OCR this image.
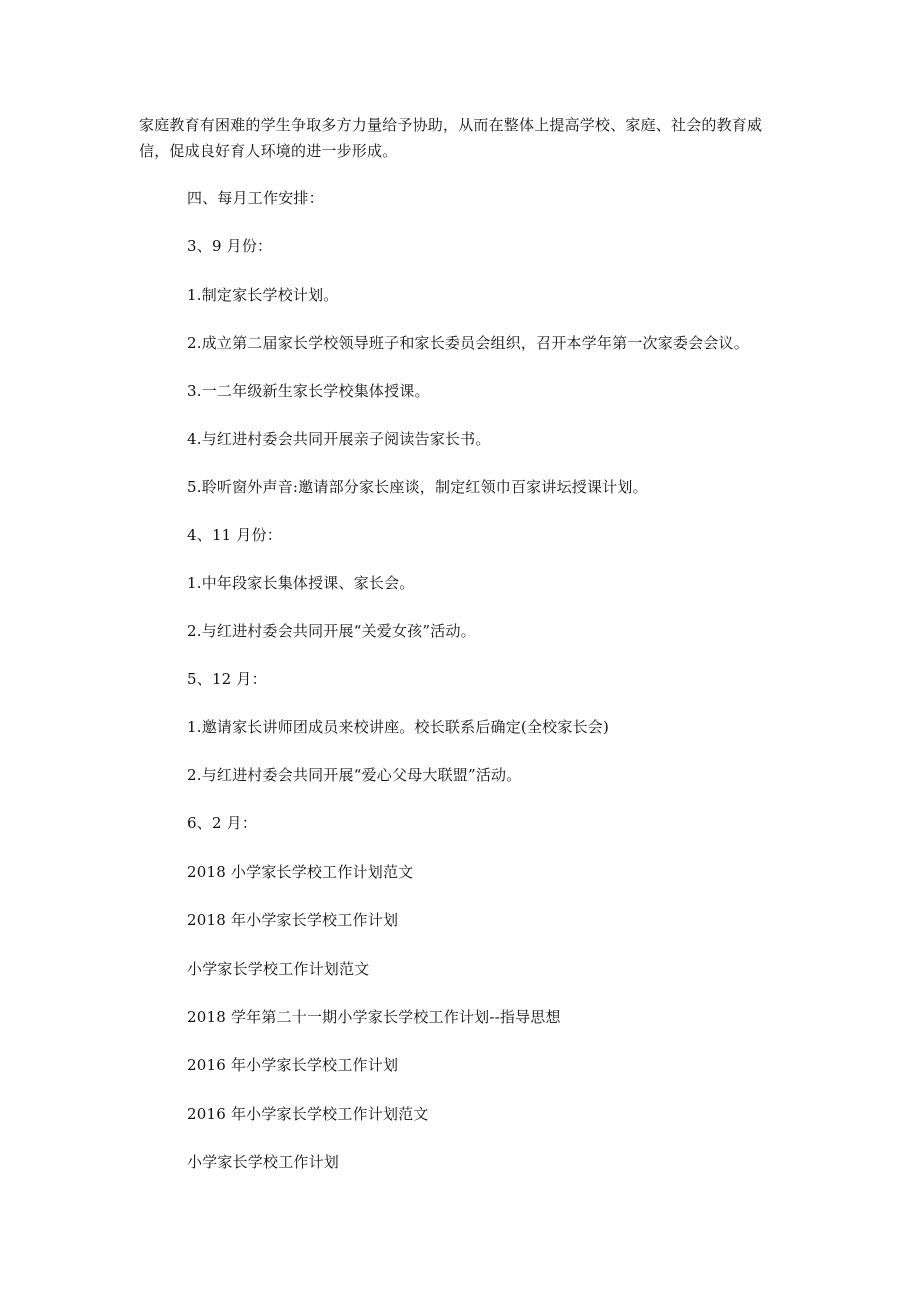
家庭教育有困难的学生争取多方力量给予协助，从而在整体上提高学校、家庭、社会的教育威信，促成良好育人环境的进一步形成。

四、每月工作安排：
3、9 月份：
1.制定家长学校计划。
2.成立第二届家长学校领导班子和家长委员会组织，召开本学年第一次家委会会议。
3.一二年级新生家长学校集体授课。
4.与红进村委会共同开展亲子阅读告家长书。
5.聆听窗外声音:邀请部分家长座谈，制定红领巾百家讲坛授课计划。
4、11 月份：
1.中年段家长集体授课、家长会。
2.与红进村委会共同开展“关爱女孩”活动。
5、12 月：
1.邀请家长讲师团成员来校讲座。校长联系后确定(全校家长会)
2.与红进村委会共同开展“爱心父母大联盟”活动。
6、2 月：
2018 小学家长学校工作计划范文
2018 年小学家长学校工作计划
小学家长学校工作计划范文
2018 学年第二十一期小学家长学校工作计划--指导思想
2016 年小学家长学校工作计划
2016 年小学家长学校工作计划范文
小学家长学校工作计划
